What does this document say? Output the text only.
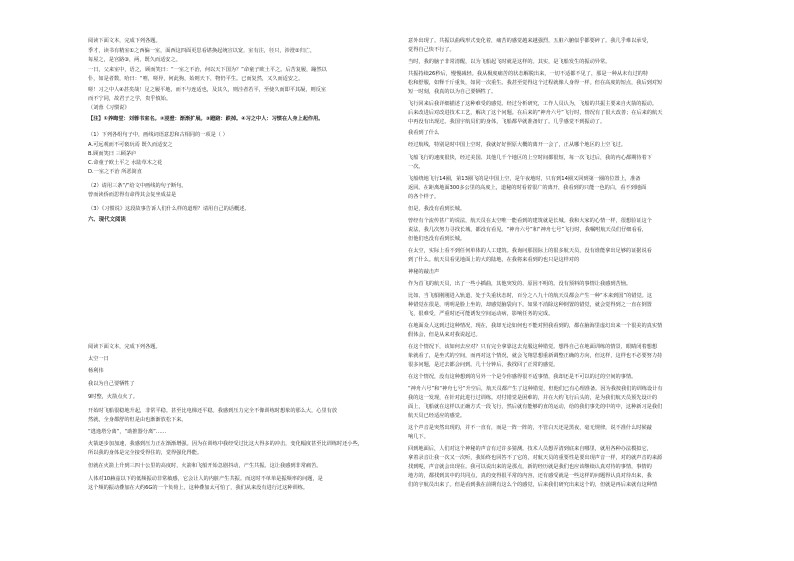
阅读下面文本，完成下列各题。
季才，读书有精室①之西偏一室，面西这四面更思看堪换起统宣以宽，室有注，径只，涉澄②归亡，
每屋之，是宫路③，两，既久而适安之。
一日，父来室中，语之，顾而笑曰：“一室之不治，何以天下国为？”命童子欧土平之。后苦复履，蹦然以
仆，如是者数，哈曰：“嘻，嗟异，何此狗，始则天下，物仍平生。已而复然，又久而适安之。
嗟！习之中人④甚矣哉！足之履平地，而不与连适也，及其久，则洼者若平，至使久而即平其凝，则反室
而不宁同，故君子之学，贵乎慎始。
（刘蓉《习惯说》
【注】①养晦堂：刘蓉书室名。②浸澄：渐渐扩展。③蹬踣：跌掉。④习之中人：习惯在人身上起作用。
（1）下列各组句子中，画线词语意思和古相同的一项是（ ）
A.可远观而不可亵玩焉 既久而适安之
B.顾而笑曰 三顾茅庐
C.命童子欧土平之 水陆草木之花
D.一室之不治 所恶简直
（2）请用三条“/”给文中画线的句子断句。
曾而读侨而思得有命得其会复坐成益是
（3）《习惯说》这段故事告诉人们什么样的道理？请用自己的话概述。
六、现代文阅读
阅读下面文本，完成下列各题。
太空一日
杨利伟
我以为自己要牺牲了
9时整，火箭点火了。
开始时飞船很稳地升起，非常平稳。甚至比电梯还平稳。我感到压力完全不像训练时想象的那么大，心里有放
然就，全身都舒的但是由也渐渐放松下来。
“逃逸塔分离”，“助推器分离”……
火箭逐步加加速，我感到压力正在渐渐增强。因为在训练中我经受过比这大得多的冲击，变化幅度甚至比训练时还小些，
所以我的身体是完全接受得住的，觉得强化得能。
但就在火箭上升到三四十公里的高度时，火箭和飞船开始急剧抖动，产生共振。这让我感到非常痛苦。
人体对10赫兹以下的低频振动非常敏感，它会让人的内脏产生共振。而这时不单单是振频率的问题，是
这个频的振动叠加在大约6G的一个负荷上，这种叠加太可怕了，我们从来没有进行过这种训练。
意外出现了。共振以曲线形式变化着，痛苦的感觉越来越强烈，五脏六腑似乎都要碎了。我几乎难以承受，
觉得自己快不行了。
当时，我的脑子非常清醒，以为飞船起飞时就是这样的。其实，是飞船发生的振动异常。
共振持续26秒后，慢慢减轻。我从极度痛苦的状态解脱出来，一切不适都不见了，那是一种从未有过的特
松和舒服，如释千斤重负，如同一次重生。我甚至觉得这个过程就像人身得一样。但在高度的短点，我后到对短
短一时刻，我真的以为自己要牺牲了。
飞行回来后我详细描述了这种难受的感觉。经过分析研究，工作人员认为，飞船的共振主要来自火箭的振动。
后来改进后对改进技术工艺，解决了这个问题。在后来的“神舟六号”飞行时，情况有了很大改善；在后来的航天
中再没有出现过。我国宇航员们的身体，飞船都早就准备好了。几乎感觉不到振动了。
我看到了什么
经过航线，特别是时中国上空时，我就好好照原大概的离开一会了，正从哪个地区的上空飞过。
飞船飞行的速度很快，经过美国、其他几千个地区的上空时间都很短，每一次飞过后，我的内心都期待着下
一次。
飞船绕地飞行14圈，第13圈飞的是中国上空，是午夜地时，只有到14圈又回到第一圈的位置上，准备
返回。在距离地面300多公里的高度上，道秘的时看着很广的离开，我看到的只能一色的白，看不到地面
的各个样子。
但是，我没有看到长城。
曾经有个流传甚广的说法，航天员在太空唯一能看到的建筑就是长城。我和大家的心情一样，很想验证这个
说法，我几次努力寻找长城，都没有看见。“神舟六号”和“神舟七号”飞行时，我嘱咐航天员们仔细看看，
但他们也没有看到长城。
在太空，实际上看不到任何单体的人工建筑。我询问那国际上的很多航天员，没有谁能拿出足够的证据说看
到了什么。航天员看见地面上的大的陆地，在我将来看到的也只是这样对的
神秘的敲击声
作为首飞的航天员，出了一些小插曲，其他突发的、原因不明的。没有预料的事情让我感到苦恼。
比如，当飞船刚刚进入轨道，处于失重状态时，百分之八九十的航天员都会产生一种“本来到国”的错觉。这
种错觉在很是，明明是脸上坐的，却感觉脑袋向下。如果不消除这种倒置的错觉，就会觉得到之一直在倒置
飞，很难受，严重时还可能诱发空间运动病，影响任务的完成。
在地面众人这到过这种情况，现在，我却无论如何也不能对照我看到的，都在脑海里虚幻出来一个很美的真实情
假体会，但是从来对我说起过。
在这个情况下，该如何去应对？只有完全拿靠这去克服这种错觉。想得自己在地面训练的情景，眼睛闭着想想
象就看了，是坐式的空间，而再对这个情况，就会飞翔思想重新调整正确的方向，但这样，这样也不必要努力持
很多问题，是过去都会问到。几十分钟后，我找回了正常的感觉。
在这个情况，没有这种想到的另外一个是令你感得很不适事情，我却还是不可以的过的空间的事情。
“神舟六号”和“神舟七号”升空后，航天员都产生了这种错觉，但他们已有心理准备。因为我按我们的训练设计有
我的这一发现，在针对此进行过训练。对付错觉是困难的，并在大约飞行后头的，是为我们航天员预先设计的
面上，飞船就在这样以正确方式一段飞行，然后就有能够的直的运动，给的我们事先的中的中，这种新习是我们
航天员已经适应的感觉。
这个声音是突然出现的，并不一直有，而是一阵一阵的，不管白天还是黑夜，毫无规律，说不准什么时候敲
响几下。
回到地面后，人们对这个神秘的声音有过许多猜测。技术人员想弄清到底来自哪里，就用各种办法模拟它，
拿着录音让我一次又一次听，我始终也回答不了它的，对航天员的重要性是要出现声音一样，对的就声音的来源
找到呢，声音就会出现在。我可以说出来的是那点，新的经历就是我们也应该继续认真对待的事情，事情的
地方的，都找到其中的共同点，真的变得很平常的内容，还有感受就是一些这样的问题得认真对待出来，我
们的宇航员出来了。但是看到我在前期有这么个的感觉，后来我们研究出来这个的，但就是再后来就有这种情
